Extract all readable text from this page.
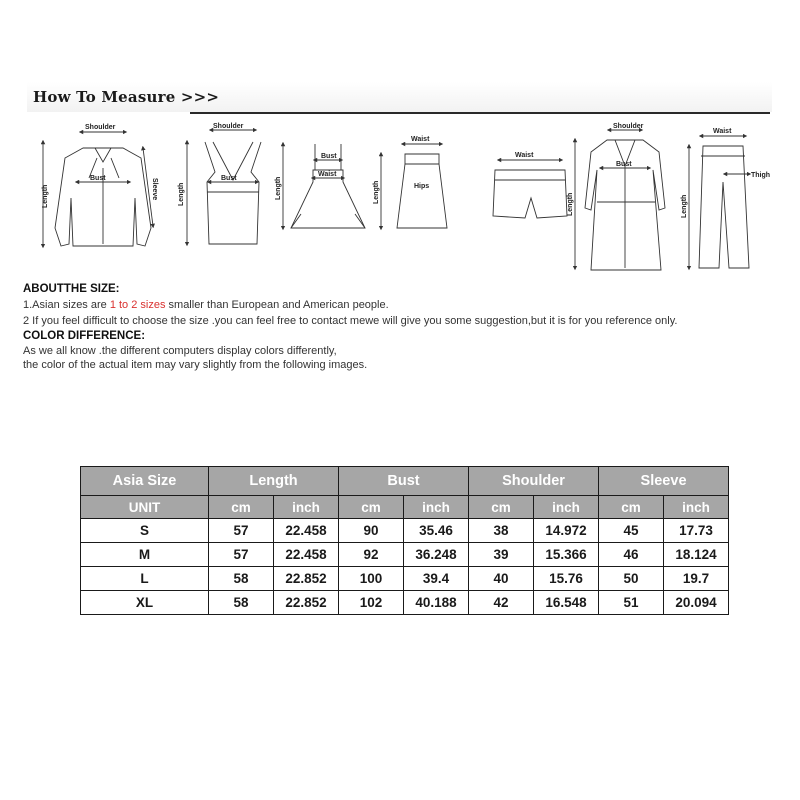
How To Measure >>>
Shoulder
Bust
Length	Sleeve
Shoulder
Bust
Length
Bust
Waist
Length
Waist
Hips
Length
Waist
Shoulder
Bust
Length
Waist
Thigh
Length
ABOUTTHE SIZE:
1.Asian sizes are 1 to 2 sizes smaller than European and American people.
2 If you feel difficult to choose the size .you can feel free to contact mewe will give you some suggestion,but it is for you reference only.
COLOR DIFFERENCE:
As we all know .the different computers display colors differently,
the color of the actual item may vary slightly from the following images.
Asia Size	Length		Bust		Shoulder		Sleeve	
UNIT	cm	inch	cm	inch	cm	inch	cm	inch
S	57	22.458	90	35.46	38	14.972	45	17.73
M	57	22.458	92	36.248	39	15.366	46	18.124
L	58	22.852	100	39.4	40	15.76	50	19.7
XL	58	22.852	102	40.188	42	16.548	51	20.094
